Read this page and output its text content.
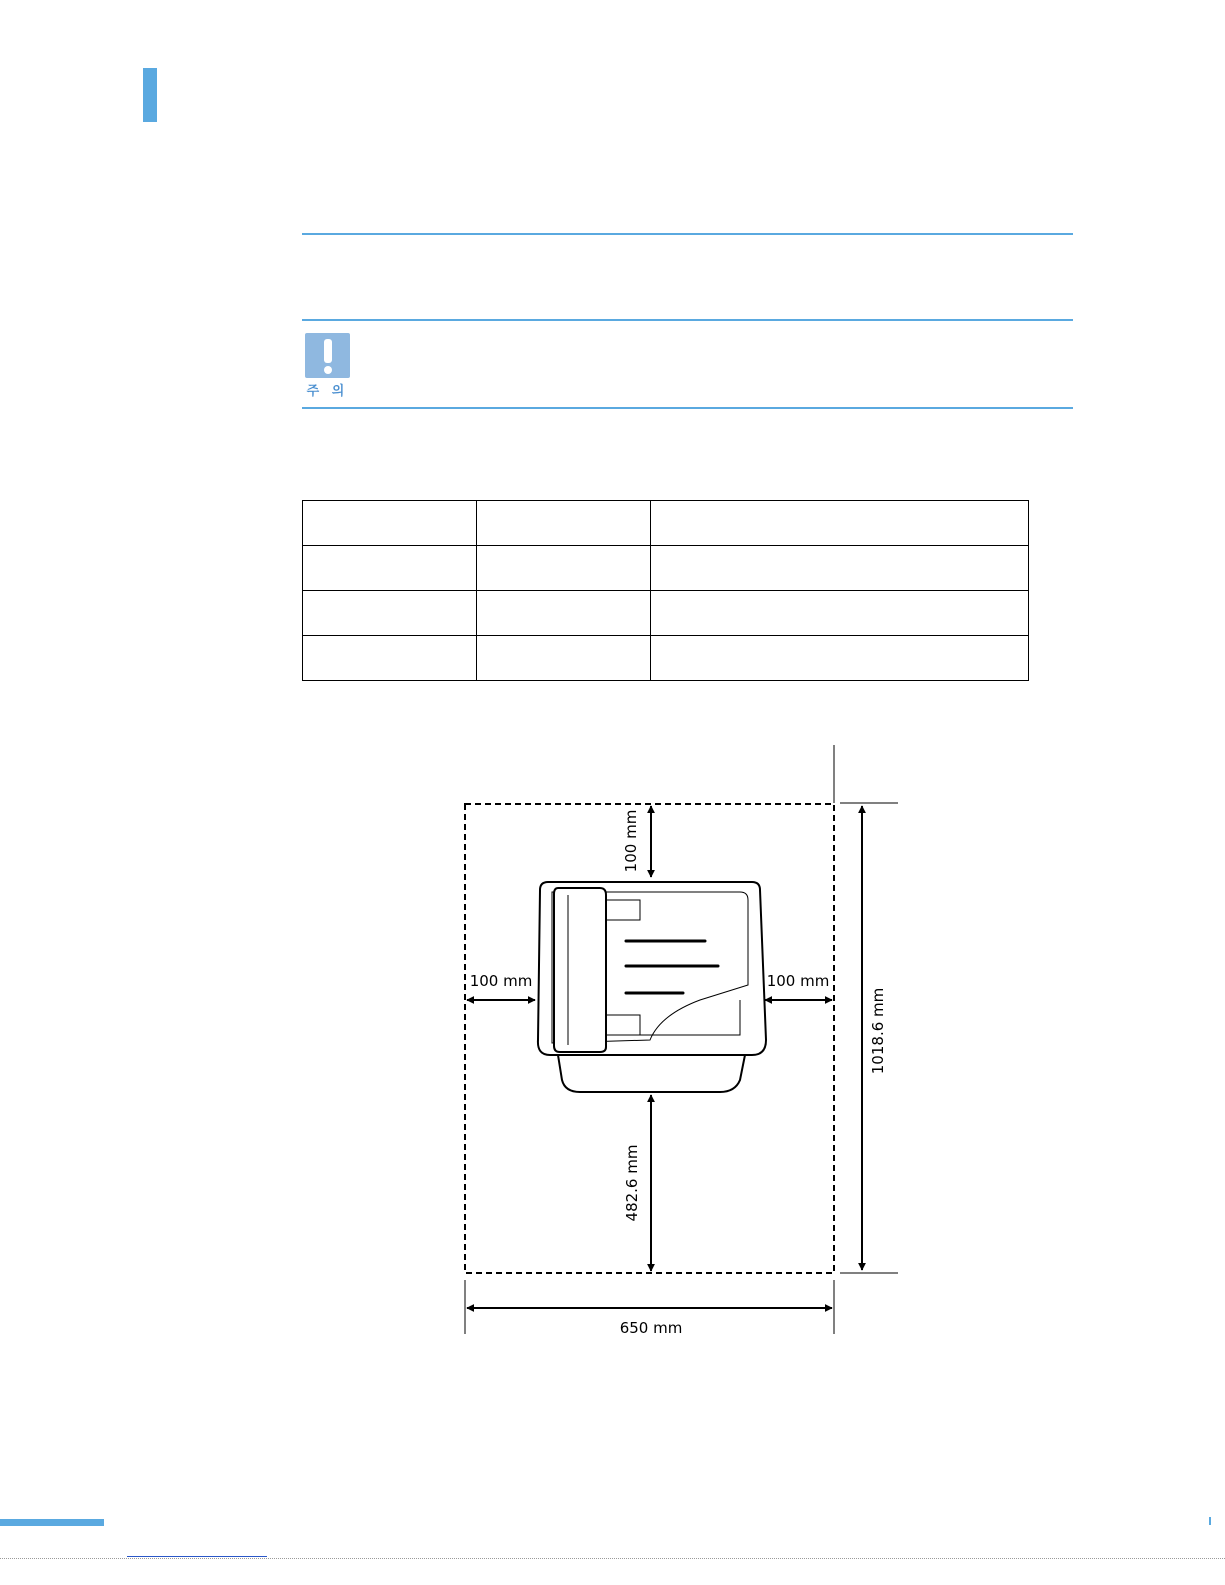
주 의

100 mm
100 mm	100 mm
482.6 mm
1018.6 mm
650 mm
